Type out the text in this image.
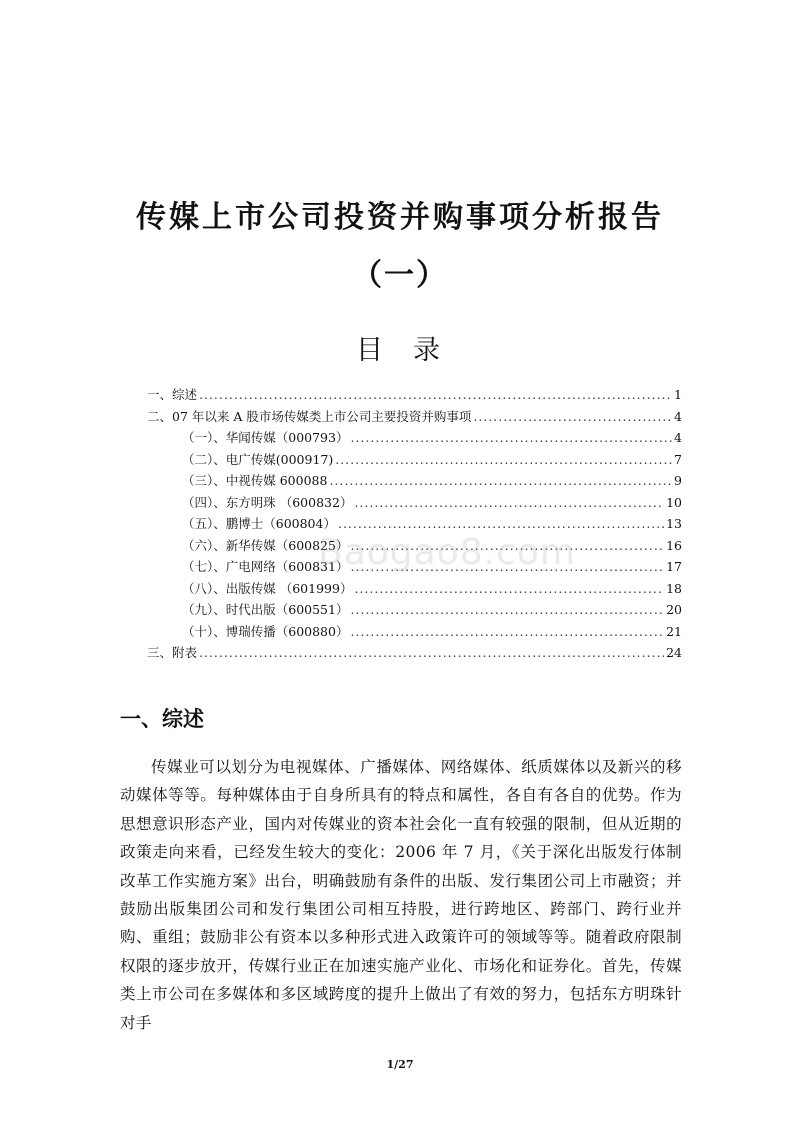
传媒上市公司投资并购事项分析报告
（一）
目录
一、综述 .....	1
二、07 年以来 A 股市场传媒类上市公司主要投资并购事项 .....	4
（一）、华闻传媒（000793） .....	4
（二）、电广传媒(000917) .....	7
（三）、中视传媒 600088 .....	9
（四）、东方明珠 （600832） .....	10
（五）、鹏博士（600804） .....	13
（六）、新华传媒（600825） .....	16
（七）、广电网络（600831） .....	17
（八）、出版传媒 （601999） .....	18
（九）、时代出版（600551） .....	20
（十）、博瑞传播（600880） .....	21
三、附表 .....	24
Baogao8.com
一、综述
传媒业可以划分为电视媒体、广播媒体、网络媒体、纸质媒体以及新兴的移动媒体等等。每种媒体由于自身所具有的特点和属性，各自有各自的优势。作为思想意识形态产业，国内对传媒业的资本社会化一直有较强的限制，但从近期的政策走向来看，已经发生较大的变化：2006 年 7 月，《关于深化出版发行体制改革工作实施方案》出台，明确鼓励有条件的出版、发行集团公司上市融资；并鼓励出版集团公司和发行集团公司相互持股，进行跨地区、跨部门、跨行业并购、重组；鼓励非公有资本以多种形式进入政策许可的领域等等。随着政府限制权限的逐步放开，传媒行业正在加速实施产业化、市场化和证券化。首先，传媒类上市公司在多媒体和多区域跨度的提升上做出了有效的努力，包括东方明珠针对手
1/27
